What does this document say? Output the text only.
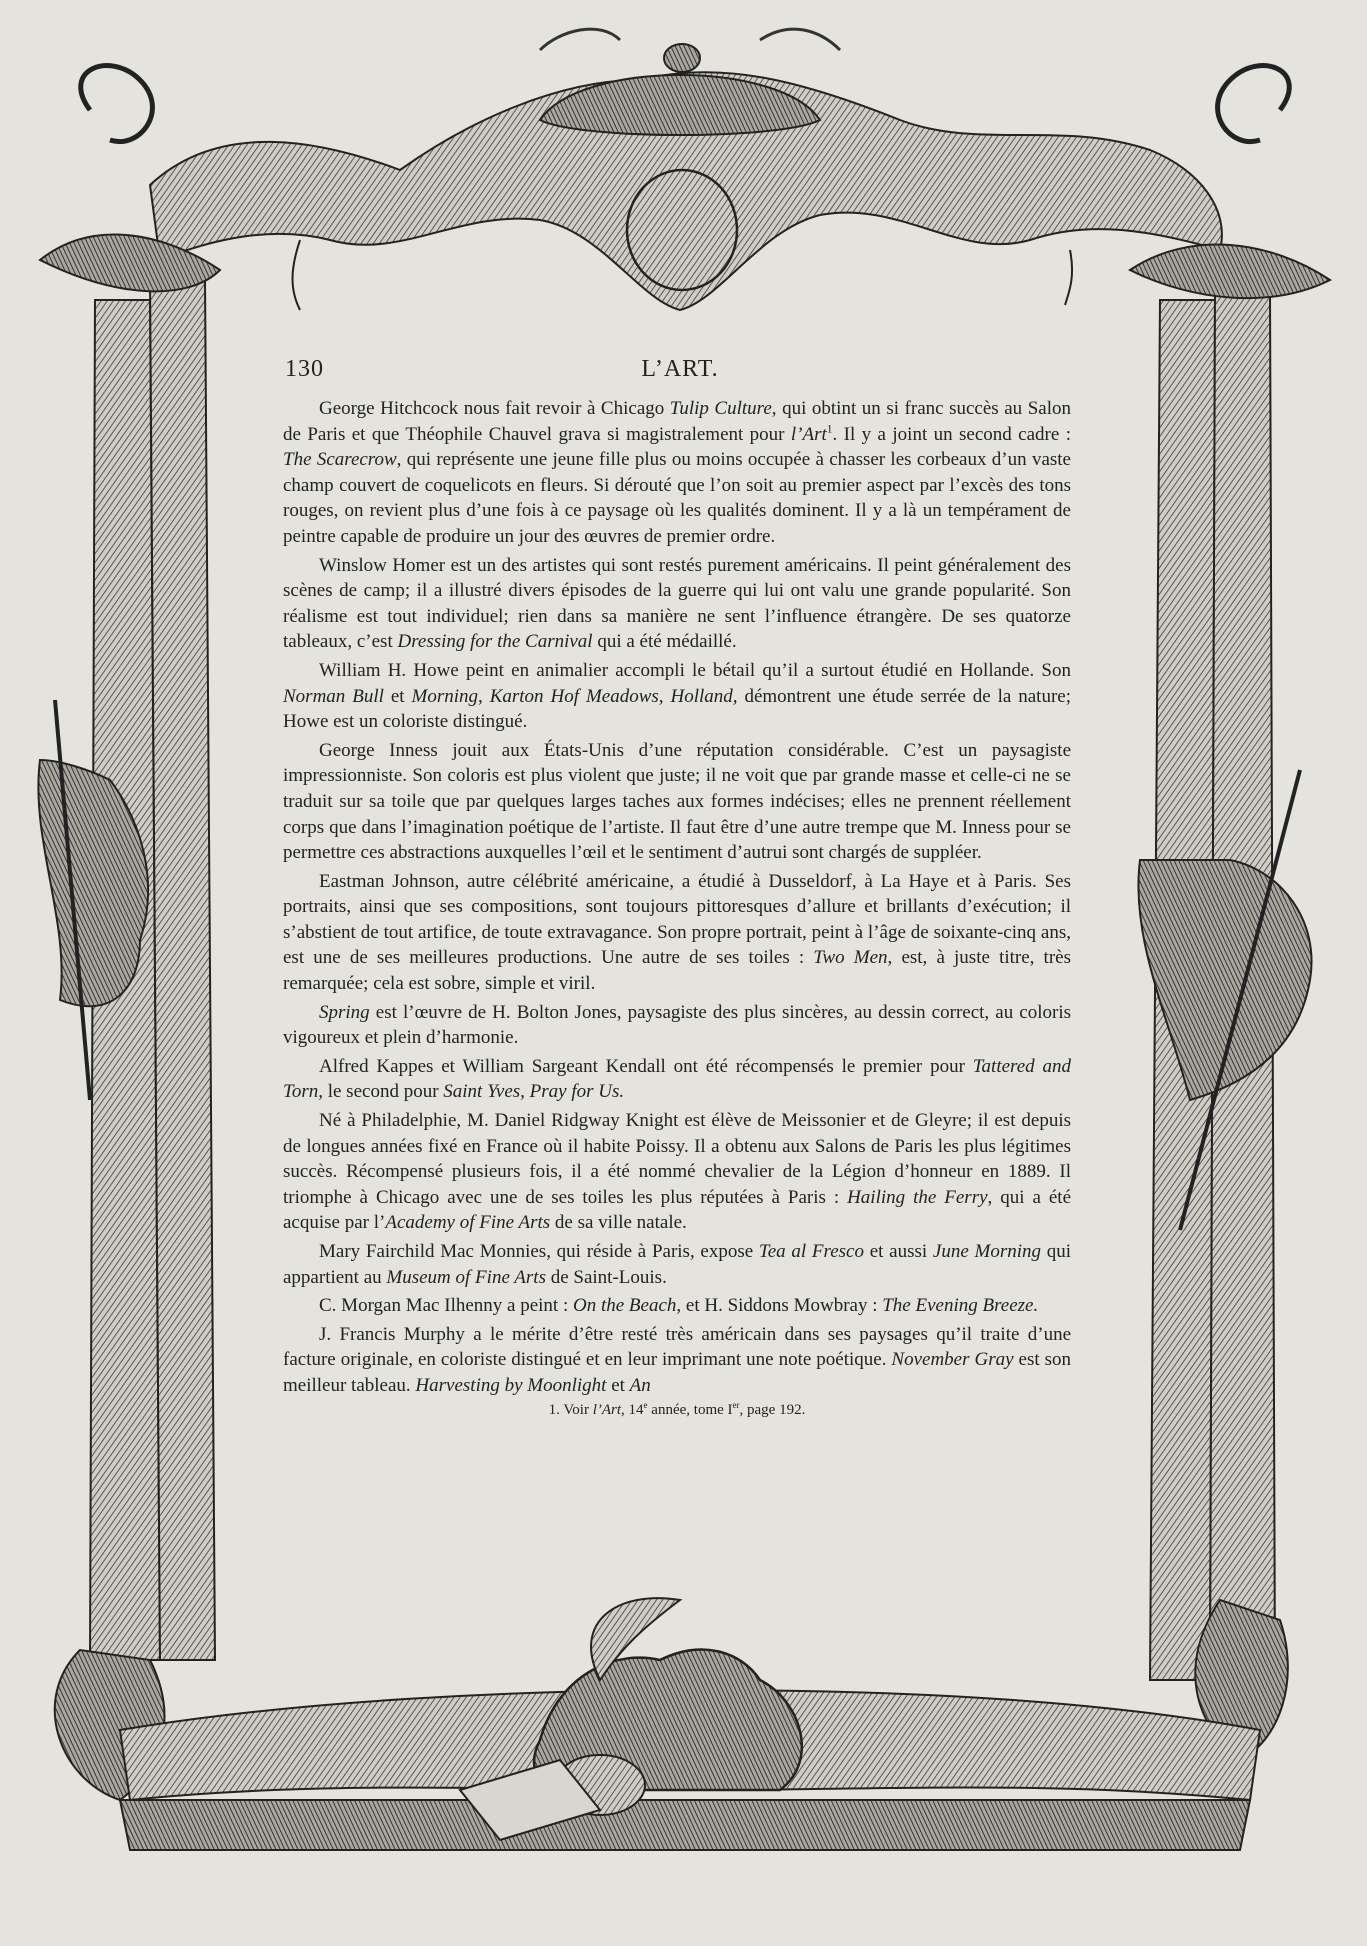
130	L’ART.

George Hitchcock nous fait revoir à Chicago Tulip Culture, qui obtint un si franc succès au Salon de Paris et que Théophile Chauvel grava si magistralement pour l’Art$^1$. Il y a joint un second cadre : The Scarecrow, qui représente une jeune fille plus ou moins occupée à chasser les corbeaux d’un vaste champ couvert de coquelicots en fleurs. Si dérouté que l’on soit au premier aspect par l’excès des tons rouges, on revient plus d’une fois à ce paysage où les qualités dominent. Il y a là un tempérament de peintre capable de produire un jour des œuvres de premier ordre.

Winslow Homer est un des artistes qui sont restés purement américains. Il peint généralement des scènes de camp; il a illustré divers épisodes de la guerre qui lui ont valu une grande popularité. Son réalisme est tout individuel; rien dans sa manière ne sent l’influence étrangère. De ses quatorze tableaux, c’est Dressing for the Carnival qui a été médaillé.

William H. Howe peint en animalier accompli le bétail qu’il a surtout étudié en Hollande. Son Norman Bull et Morning, Karton Hof Meadows, Holland, démontrent une étude serrée de la nature; Howe est un coloriste distingué.

George Inness jouit aux États-Unis d’une réputation considérable. C’est un paysagiste impressionniste. Son coloris est plus violent que juste; il ne voit que par grande masse et celle-ci ne se traduit sur sa toile que par quelques larges taches aux formes indécises; elles ne prennent réellement corps que dans l’imagination poétique de l’artiste. Il faut être d’une autre trempe que M. Inness pour se permettre ces abstractions auxquelles l’œil et le sentiment d’autrui sont chargés de suppléer.

Eastman Johnson, autre célébrité américaine, a étudié à Dusseldorf, à La Haye et à Paris. Ses portraits, ainsi que ses compositions, sont toujours pittoresques d’allure et brillants d’exécution; il s’abstient de tout artifice, de toute extravagance. Son propre portrait, peint à l’âge de soixante-cinq ans, est une de ses meilleures productions. Une autre de ses toiles : Two Men, est, à juste titre, très remarquée; cela est sobre, simple et viril.

Spring est l’œuvre de H. Bolton Jones, paysagiste des plus sincères, au dessin correct, au coloris vigoureux et plein d’harmonie.

Alfred Kappes et William Sargeant Kendall ont été récompensés le premier pour Tattered and Torn, le second pour Saint Yves, Pray for Us.

Né à Philadelphie, M. Daniel Ridgway Knight est élève de Meissonier et de Gleyre; il est depuis de longues années fixé en France où il habite Poissy. Il a obtenu aux Salons de Paris les plus légitimes succès. Récompensé plusieurs fois, il a été nommé chevalier de la Légion d’honneur en 1889. Il triomphe à Chicago avec une de ses toiles les plus réputées à Paris : Hailing the Ferry, qui a été acquise par l’Academy of Fine Arts de sa ville natale.

Mary Fairchild Mac Monnies, qui réside à Paris, expose Tea al Fresco et aussi June Morning qui appartient au Museum of Fine Arts de Saint-Louis.

C. Morgan Mac Ilhenny a peint : On the Beach, et H. Siddons Mowbray : The Evening Breeze.

J. Francis Murphy a le mérite d’être resté très américain dans ses paysages qu’il traite d’une facture originale, en coloriste distingué et en leur imprimant une note poétique. November Gray est son meilleur tableau. Harvesting by Moonlight et An

1. Voir l’Art, 14e année, tome Ier, page 192.
